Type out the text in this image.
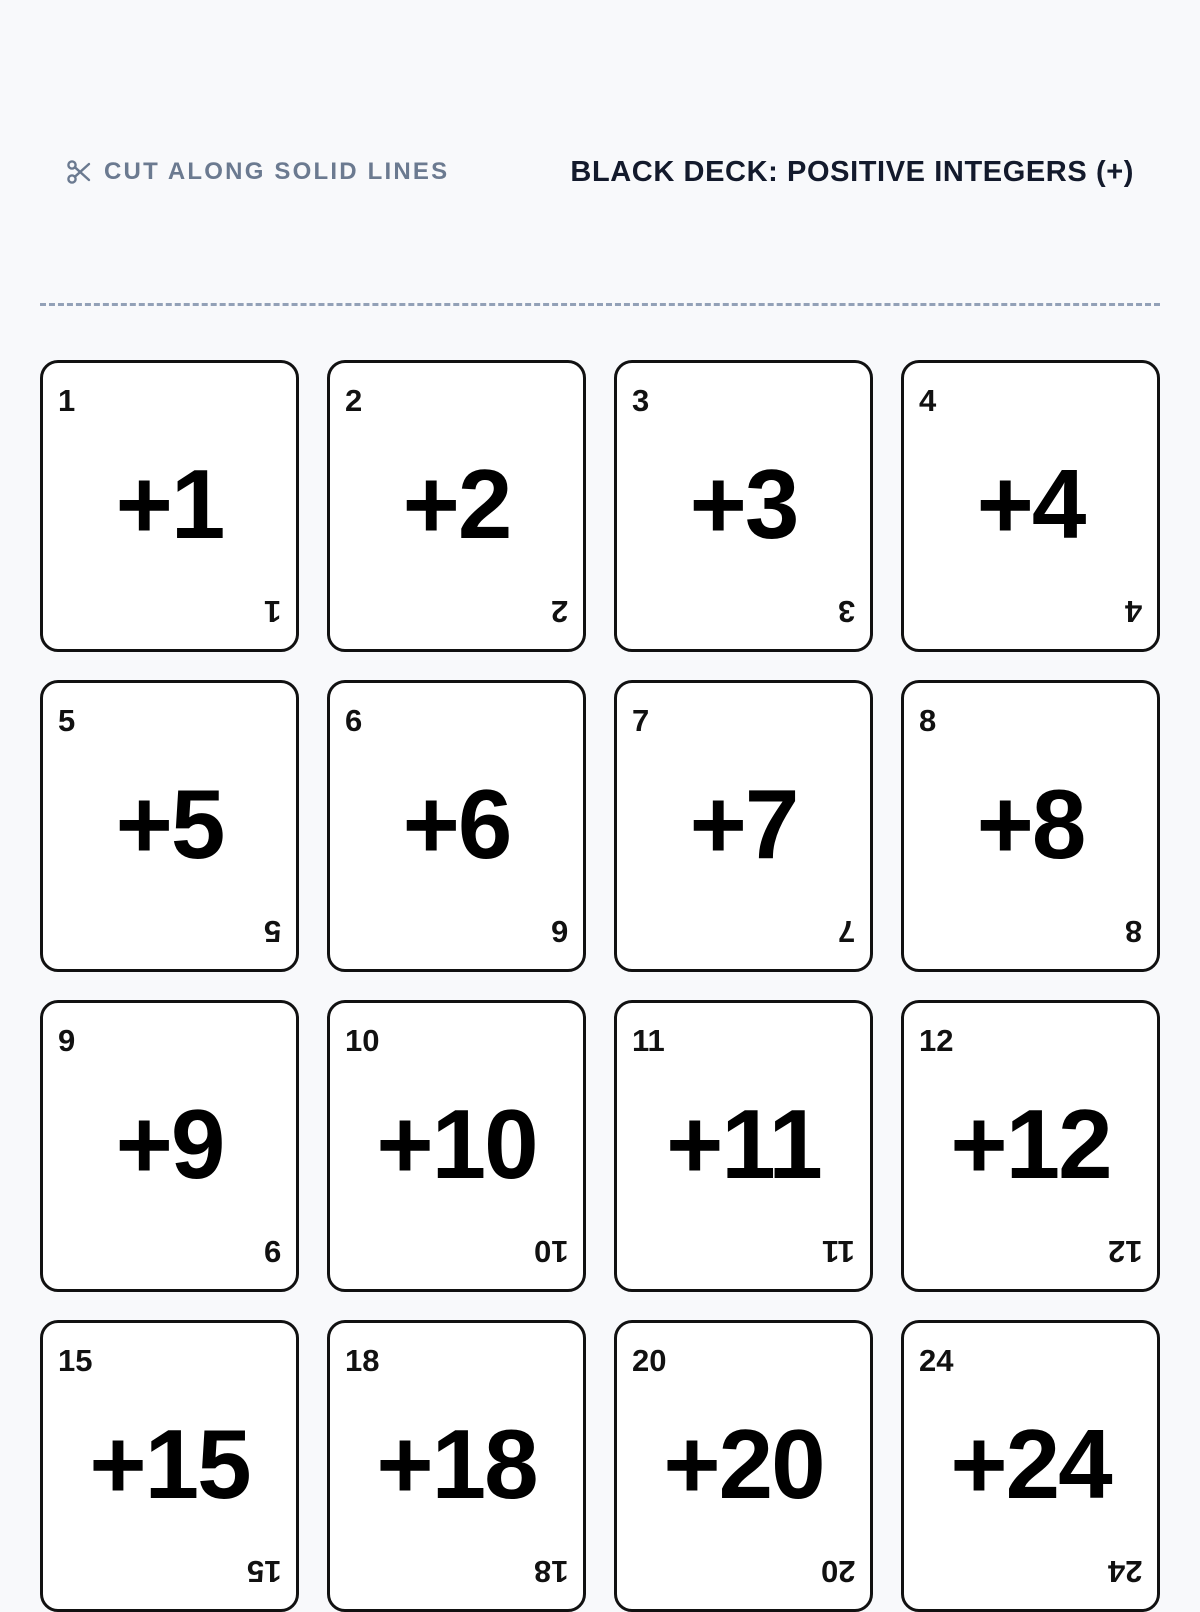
CUT ALONG SOLID LINES	BLACK DECK: POSITIVE INTEGERS (+)
1
+1
1
2
+2
2
3
+3
3
4
+4
4
5
+5
5
6
+6
6
7
+7
7
8
+8
8
9
+9
9
10
+10
10
11
+11
11
12
+12
12
15
+15
15
18
+18
18
20
+20
20
24
+24
24
